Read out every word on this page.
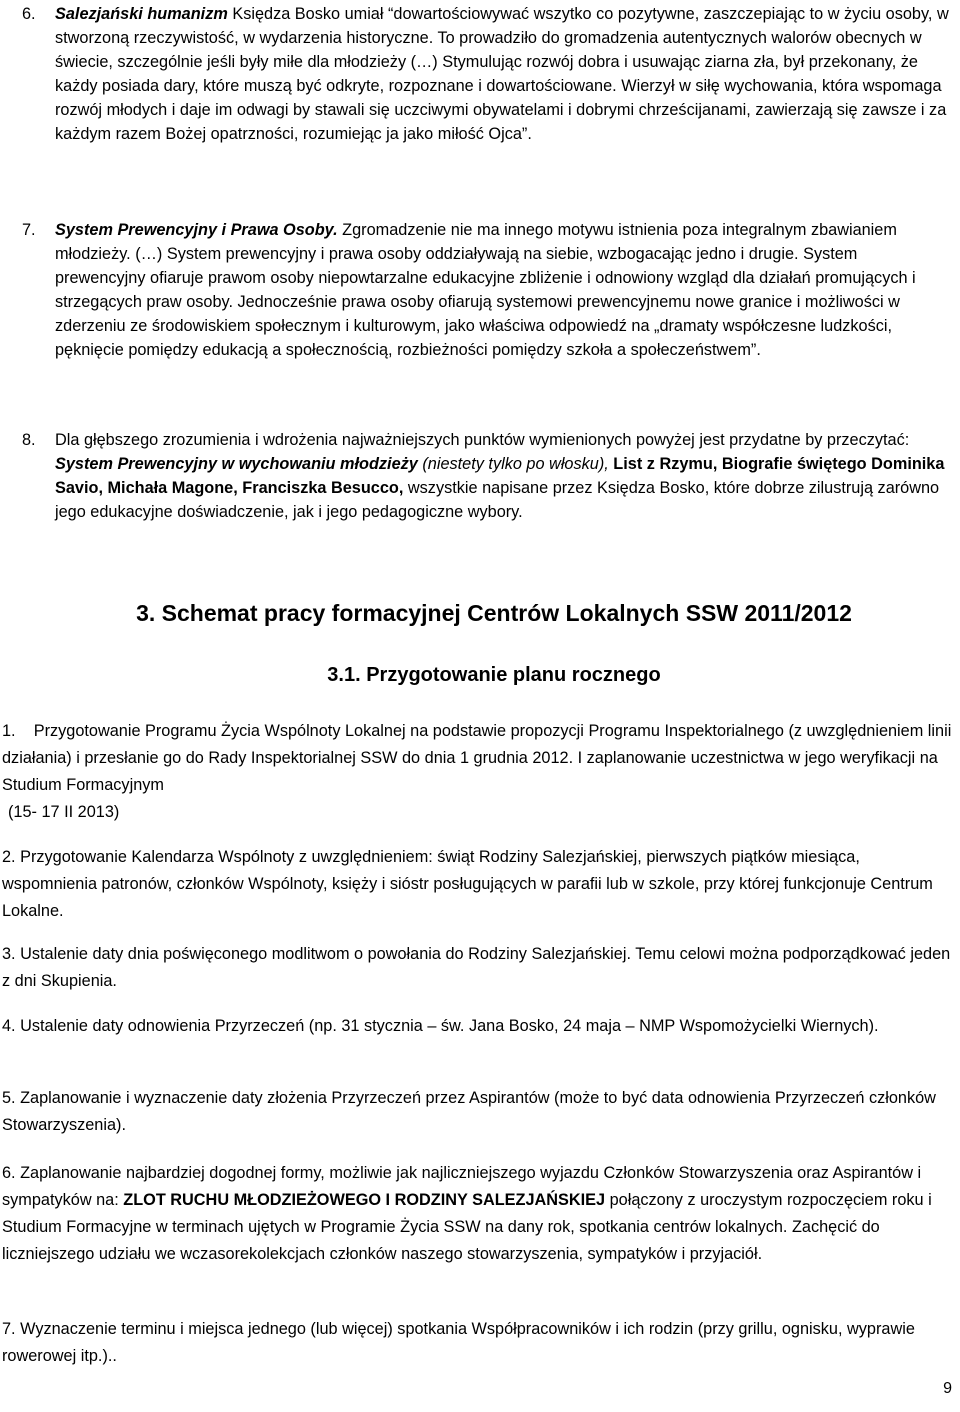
6. Salezjański humanizm Księdza Bosko umiał “dowartościowywać wszytko co pozytywne, zaszczepiając to w życiu osoby, w stworzoną rzeczywistość, w wydarzenia historyczne. To prowadziło do gromadzenia autentycznych walorów obecnych w świecie, szczególnie jeśli były miłe dla młodzieży (…) Stymulując rozwój dobra i usuwając ziarna zła, był przekonany, że każdy posiada dary, które muszą być odkryte, rozpoznane i dowartościowane. Wierzył w siłę wychowania, która wspomaga rozwój młodych i daje im odwagi by stawali się uczciwymi obywatelami i dobrymi chrześcijanami, zawierzają się zawsze i za każdym razem Bożej opatrzności, rozumiejąc ja jako miłość Ojca”.
7. System Prewencyjny i Prawa Osoby. Zgromadzenie nie ma innego motywu istnienia poza integralnym zbawianiem młodzieży. (…) System prewencyjny i prawa osoby oddziaływają na siebie, wzbogacając jedno i drugie. System prewencyjny ofiaruje prawom osoby niepowtarzalne edukacyjne zbliżenie i odnowiony wzgląd dla działań promujących i strzegących praw osoby. Jednocześnie prawa osoby ofiarują systemowi prewencyjnemu nowe granice i możliwości w zderzeniu ze środowiskiem społecznym i kulturowym, jako właściwa odpowiedź na „dramaty współczesne ludzkości, pęknięcie pomiędzy edukacją a społecznością, rozbieżności pomiędzy szkoła a społeczeństwem”.
8. Dla głębszego zrozumienia i wdrożenia najważniejszych punktów wymienionych powyżej jest przydatne by przeczytać: System Prewencyjny w wychowaniu młodzieży (niestety tylko po włosku), List z Rzymu, Biografie świętego Dominika Savio, Michała Magone, Franciszka Besucco, wszystkie napisane przez Księdza Bosko, które dobrze zilustrują zarówno jego edukacyjne doświadczenie, jak i jego pedagogiczne wybory.
3. Schemat pracy formacyjnej Centrów Lokalnych SSW 2011/2012
3.1. Przygotowanie planu rocznego
1. Przygotowanie Programu Życia Wspólnoty Lokalnej na podstawie propozycji Programu Inspektorialnego (z uwzględnieniem linii działania) i przesłanie go do Rady Inspektorialnej SSW do dnia 1 grudnia 2012. I zaplanowanie uczestnictwa w jego weryfikacji na Studium Formacyjnym
(15- 17 II 2013)
2. Przygotowanie Kalendarza Wspólnoty z uwzględnieniem: świąt Rodziny Salezjańskiej, pierwszych piątków miesiąca, wspomnienia patronów, członków Wspólnoty, księży i sióstr posługujących w parafii lub w szkole, przy której funkcjonuje Centrum Lokalne.
3. Ustalenie daty dnia poświęconego modlitwom o powołania do Rodziny Salezjańskiej. Temu celowi można podporządkować jeden z dni Skupienia.
4. Ustalenie daty odnowienia Przyrzeczeń (np. 31 stycznia – św. Jana Bosko, 24 maja – NMP Wspomożycielki Wiernych).
5. Zaplanowanie i wyznaczenie daty złożenia Przyrzeczeń przez Aspirantów (może to być data odnowienia Przyrzeczeń członków Stowarzyszenia).
6. Zaplanowanie najbardziej dogodnej formy, możliwie jak najliczniejszego wyjazdu Członków Stowarzyszenia oraz Aspirantów i sympatyków na: ZLOT RUCHU MŁODZIEŻOWEGO I RODZINY SALEZJAŃSKIEJ połączony z uroczystym rozpoczęciem roku i Studium Formacyjne w terminach ujętych w Programie Życia SSW na dany rok, spotkania centrów lokalnych. Zachęcić do liczniejszego udziału we wczasorekolekcjach członków naszego stowarzyszenia, sympatyków i przyjaciół.
7. Wyznaczenie terminu i miejsca jednego (lub więcej) spotkania Współpracowników i ich rodzin (przy grillu, ognisku, wyprawie rowerowej itp.)..
9
